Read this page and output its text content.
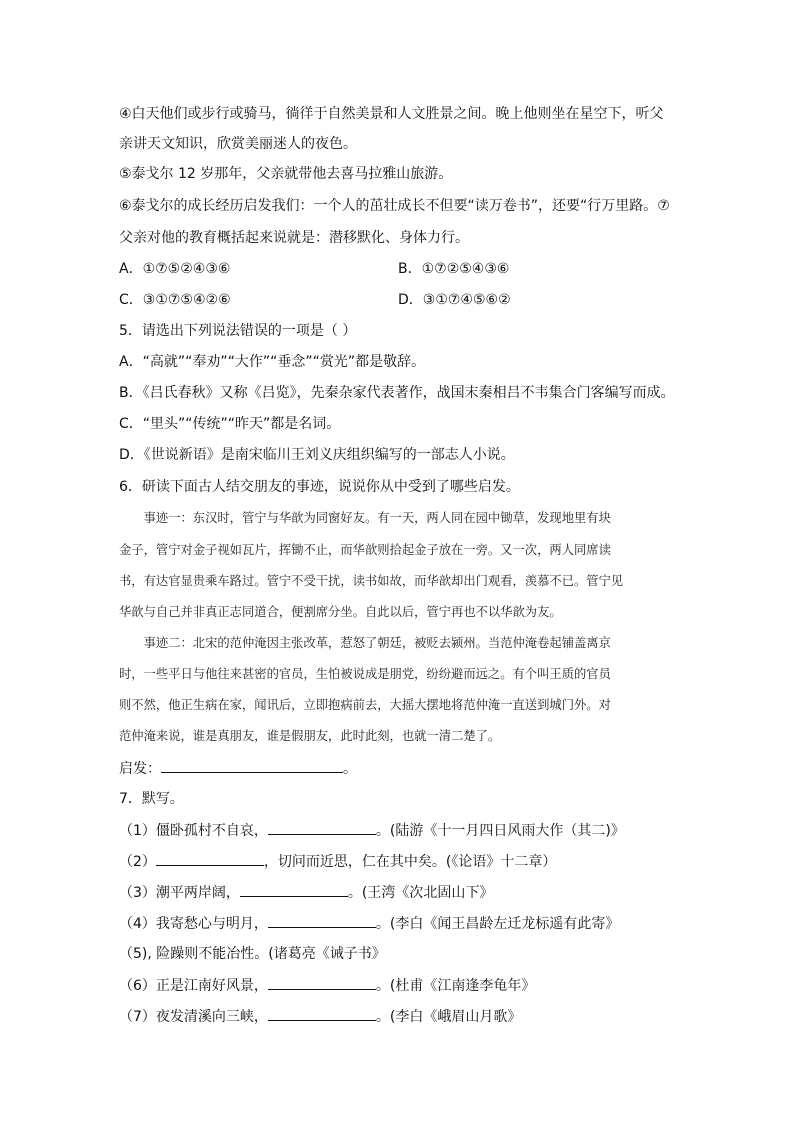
④白天他们或步行或骑马，徜徉于自然美景和人文胜景之间。晚上他则坐在星空下，听父
亲讲天文知识，欣赏美丽迷人的夜色。
⑤泰戈尔 12 岁那年，父亲就带他去喜马拉雅山旅游。
⑥泰戈尔的成长经历启发我们：一个人的茁壮成长不但要“读万卷书”，还要“行万里路。⑦
父亲对他的教育概括起来说就是：潜移默化、身体力行。
A．①⑦⑤②④③⑥	B．①⑦②⑤④③⑥
C．③①⑦⑤④②⑥	D．③①⑦④⑤⑥②
5．请选出下列说法错误的一项是（ ）
A．“高就”“奉劝”“大作”“垂念”“赏光”都是敬辞。
B．《吕氏春秋》又称《吕览》，先秦杂家代表著作，战国末秦相吕不韦集合门客编写而成。
C．“里头”“传统”“昨天”都是名词。
D．《世说新语》是南宋临川王刘义庆组织编写的一部志人小说。
6．研读下面古人结交朋友的事迹，说说你从中受到了哪些启发。
　　事迹一：东汉时，管宁与华歆为同窗好友。有一天，两人同在园中锄草，发现地里有块
金子，管宁对金子视如瓦片，挥锄不止，而华歆则拾起金子放在一旁。又一次，两人同席读
书，有达官显贵乘车路过。管宁不受干扰，读书如故，而华歆却出门观看，羡慕不已。管宁见
华歆与自己并非真正志同道合，便割席分坐。自此以后，管宁再也不以华歆为友。
　　事迹二：北宋的范仲淹因主张改革，惹怒了朝廷，被贬去颍州。当范仲淹卷起铺盖离京
时，一些平日与他往来甚密的官员，生怕被说成是朋党，纷纷避而远之。有个叫王质的官员
则不然，他正生病在家，闻讯后，立即抱病前去，大摇大摆地将范仲淹一直送到城门外。对
范仲淹来说，谁是真朋友，谁是假朋友，此时此刻，也就一清二楚了。
启发：	。
7．默写。
（1）僵卧孤村不自哀，	。(陆游《十一月四日风雨大作（其二)》
（2）	，切问而近思，仁在其中矣。(《论语》十二章）
（3）潮平两岸阔，	。(王湾《次北固山下》
（4）我寄愁心与明月，	。(李白《闻王昌龄左迁龙标遥有此寄》
（5), 险躁则不能冶性。(诸葛亮《诫子书》
（6）正是江南好风景，	。(杜甫《江南逢李龟年》
（7）夜发清溪向三峡，	。(李白《峨眉山月歌》
